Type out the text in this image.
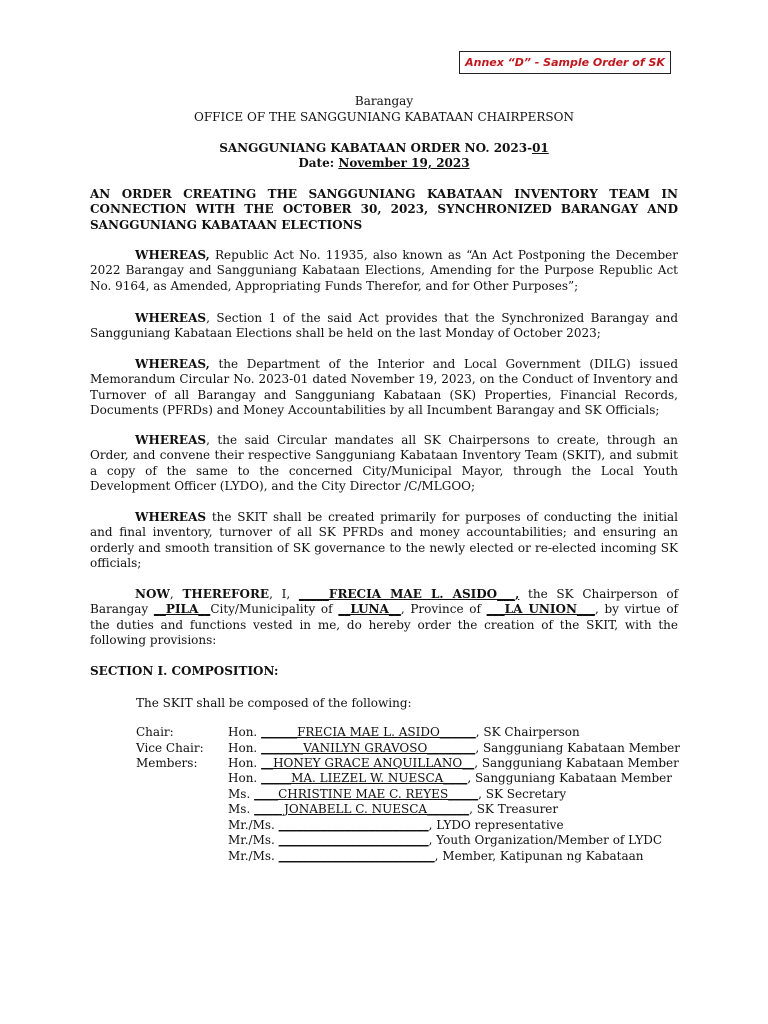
Annex “D” - Sample Order of SK
Barangay
OFFICE OF THE SANGGUNIANG KABATAAN CHAIRPERSON
SANGGUNIANG KABATAAN ORDER NO. 2023-01
Date: November 19, 2023

AN ORDER CREATING THE SANGGUNIANG KABATAAN INVENTORY TEAM IN CONNECTION WITH THE OCTOBER 30, 2023, SYNCHRONIZED BARANGAY AND SANGGUNIANG KABATAAN ELECTIONS

WHEREAS, Republic Act No. 11935, also known as “An Act Postponing the December 2022 Barangay and Sangguniang Kabataan Elections, Amending for the Purpose Republic Act No. 9164, as Amended, Appropriating Funds Therefor, and for Other Purposes”;

WHEREAS, Section 1 of the said Act provides that the Synchronized Barangay and Sangguniang Kabataan Elections shall be held on the last Monday of October 2023;

WHEREAS, the Department of the Interior and Local Government (DILG) issued Memorandum Circular No. 2023-01 dated November 19, 2023, on the Conduct of Inventory and Turnover of all Barangay and Sangguniang Kabataan (SK) Properties, Financial Records, Documents (PFRDs) and Money Accountabilities by all Incumbent Barangay and SK Officials;

WHEREAS, the said Circular mandates all SK Chairpersons to create, through an Order, and convene their respective Sangguniang Kabataan Inventory Team (SKIT), and submit a copy of the same to the concerned City/Municipal Mayor, through the Local Youth Development Officer (LYDO), and the City Director /C/MLGOO;

WHEREAS the SKIT shall be created primarily for purposes of conducting the initial and final inventory, turnover of all SK PFRDs and money accountabilities; and ensuring an orderly and smooth transition of SK governance to the newly elected or re-elected incoming SK officials;

NOW, THEREFORE, I, _____FRECIA MAE L. ASIDO___, the SK Chairperson of Barangay __PILA__City/Municipality of __LUNA__, Province of ___LA UNION___, by virtue of the duties and functions vested in me, do hereby order the creation of the SKIT, with the following provisions:

SECTION I. COMPOSITION:
The SKIT shall be composed of the following:
Chair:	Hon. ______FRECIA MAE L. ASIDO______, SK Chairperson
Vice Chair: Hon. _______VANILYN GRAVOSO________, Sangguniang Kabataan Member
Members:	Hon. __HONEY GRACE ANQUILLANO__, Sangguniang Kabataan Member
Hon. _____MA. LIEZEL W. NUESCA____, Sangguniang Kabataan Member
Ms. ____CHRISTINE MAE C. REYES_____, SK Secretary
Ms. _____JONABELL C. NUESCA_______, SK Treasurer
Mr./Ms. _________________________, LYDO representative
Mr./Ms. _________________________, Youth Organization/Member of LYDC
Mr./Ms. __________________________, Member, Katipunan ng Kabataan
